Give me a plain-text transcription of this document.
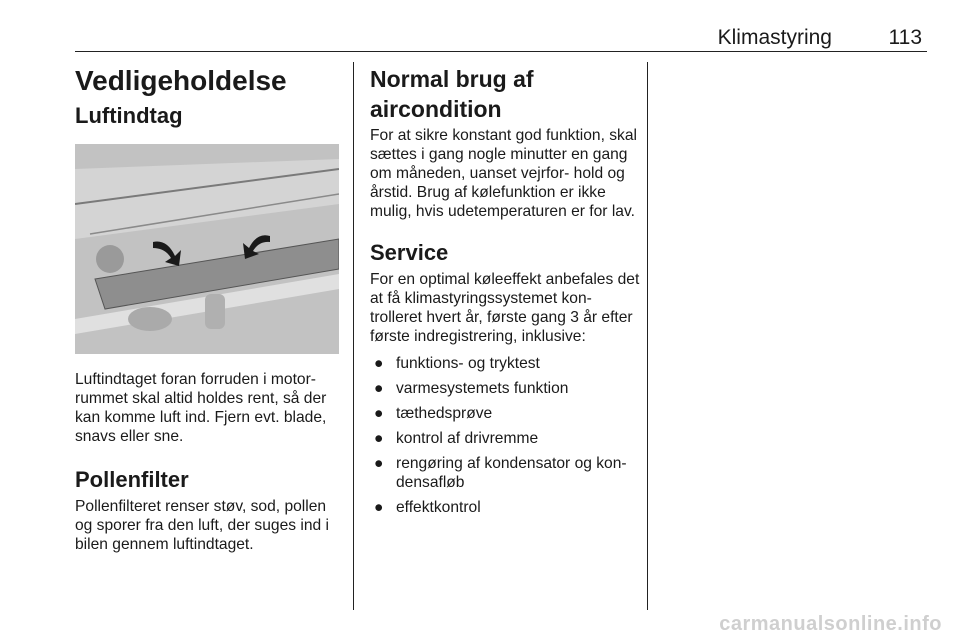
Klimastyring	113
Vedligeholdelse
Luftindtag

Luftindtaget foran forruden i motor- rummet skal altid holdes rent, så der kan komme luft ind. Fjern evt. blade, snavs eller sne.

Pollenfilter

Pollenfilteret renser støv, sod, pollen og sporer fra den luft, der suges ind i bilen gennem luftindtaget.

Normal brug af aircondition

For at sikre konstant god funktion, skal sættes i gang nogle minutter en gang om måneden, uanset vejrfor- hold og årstid. Brug af kølefunktion er ikke mulig, hvis udetemperaturen er for lav.

Service

For en optimal køleeffekt anbefales det at få klimastyringssystemet kon- trolleret hvert år, første gang 3 år efter første indregistrering, inklusive:

● funktions- og tryktest
● varmesystemets funktion
● tæthedsprøve
● kontrol af drivremme
● rengøring af kondensator og kon- densafløb
● effektkontrol
carmanualsonline.info
